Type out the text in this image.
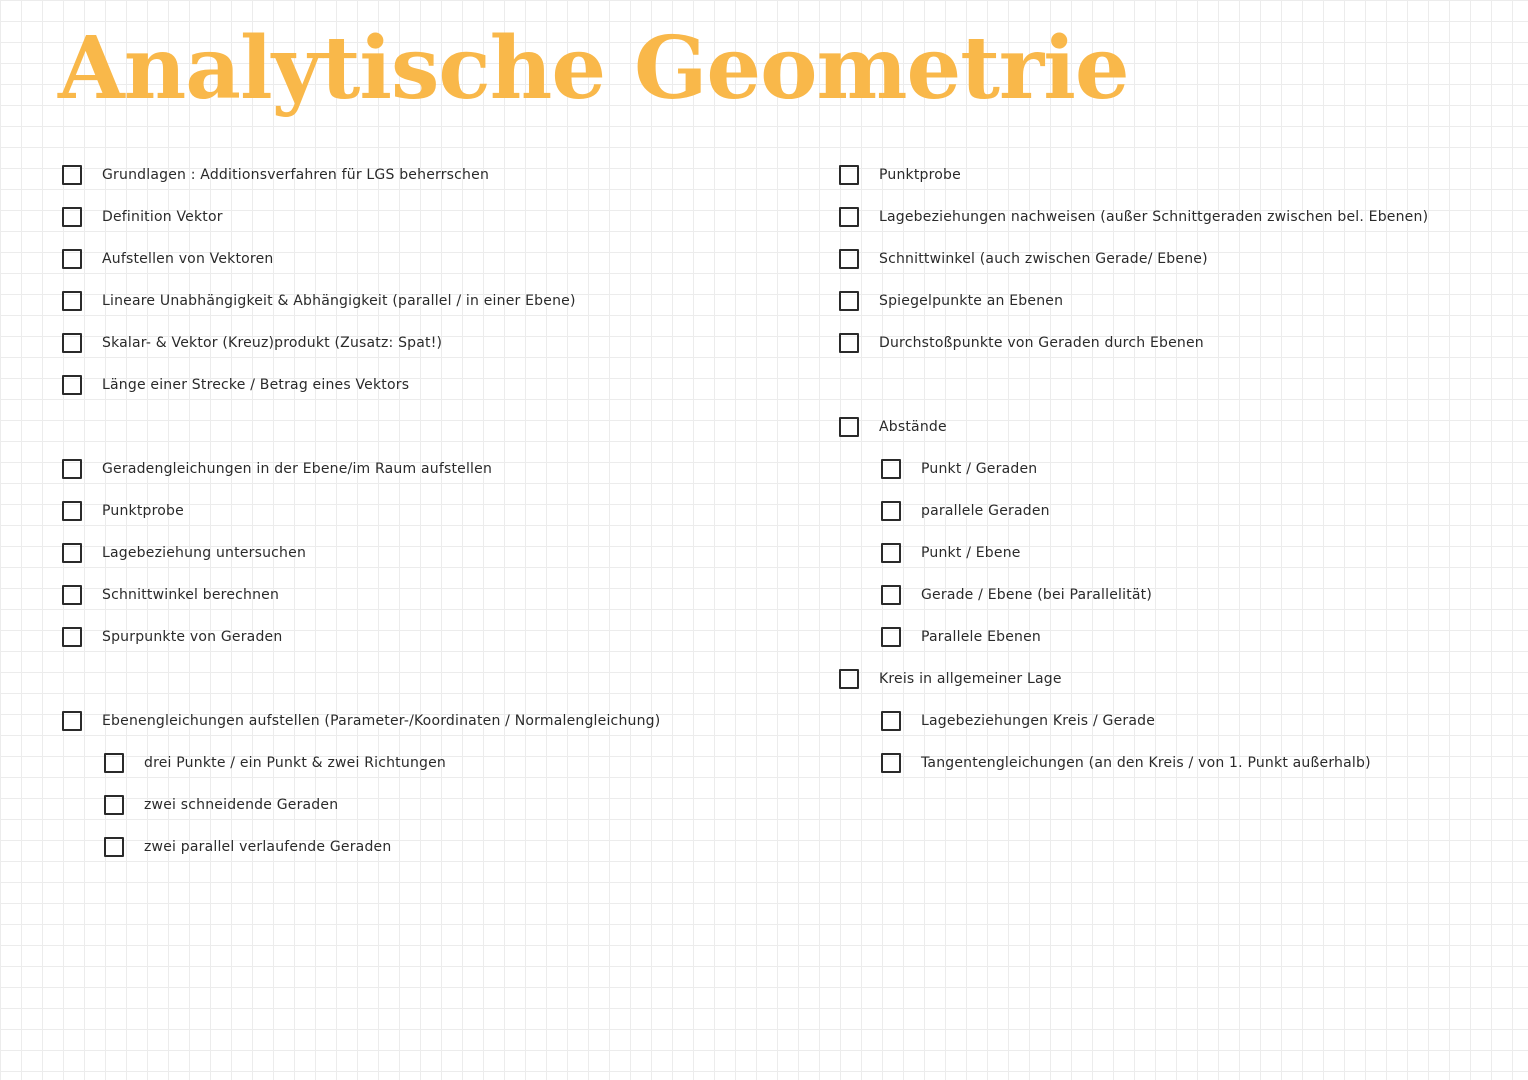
Analytische Geometrie
Grundlagen : Additionsverfahren für LGS beherrschen
Definition Vektor
Aufstellen von Vektoren
Lineare Unabhängigkeit & Abhängigkeit (parallel / in einer Ebene)
Skalar- & Vektor (Kreuz)produkt (Zusatz: Spat!)
Länge einer Strecke / Betrag eines Vektors
Geradengleichungen in der Ebene/im Raum aufstellen
Punktprobe
Lagebeziehung untersuchen
Schnittwinkel berechnen
Spurpunkte von Geraden
Ebenengleichungen aufstellen (Parameter-/Koordinaten / Normalengleichung)
drei Punkte / ein Punkt & zwei Richtungen
zwei schneidende Geraden
zwei parallel verlaufende Geraden
Punktprobe
Lagebeziehungen nachweisen (außer Schnittgeraden zwischen bel. Ebenen)
Schnittwinkel (auch zwischen Gerade/ Ebene)
Spiegelpunkte an Ebenen
Durchstoßpunkte von Geraden durch Ebenen
Abstände
Punkt / Geraden
parallele Geraden
Punkt / Ebene
Gerade / Ebene (bei Parallelität)
Parallele Ebenen
Kreis in allgemeiner Lage
Lagebeziehungen Kreis / Gerade
Tangentengleichungen (an den Kreis / von 1. Punkt außerhalb)
